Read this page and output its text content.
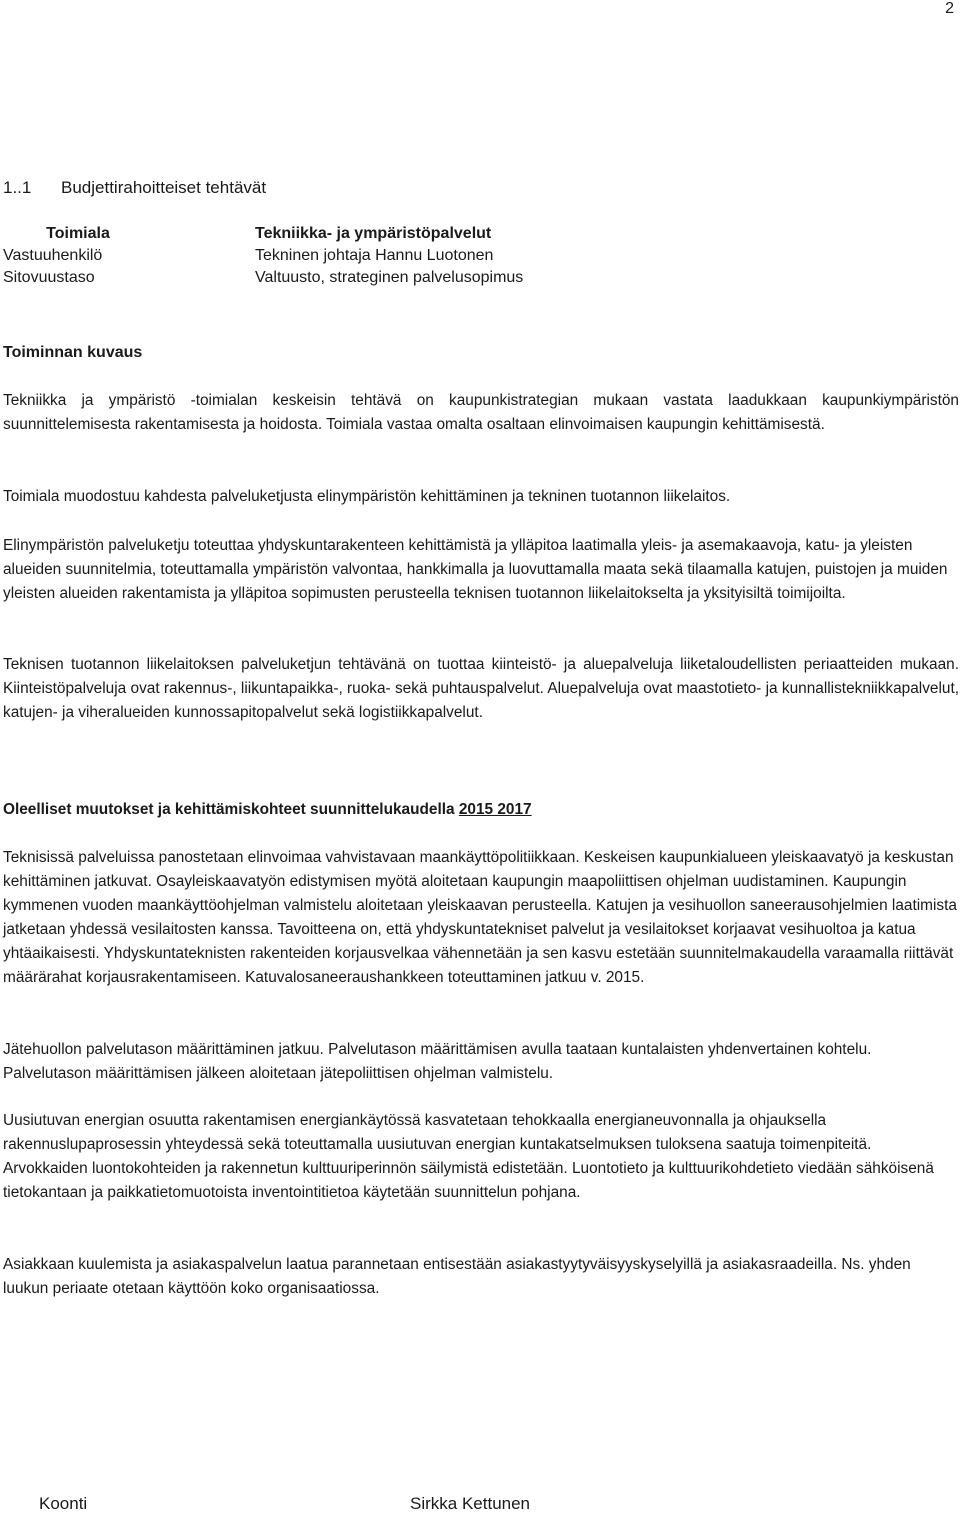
2
1..1 Budjettirahoitteiset tehtävät
Toimiala	Tekniikka- ja ympäristöpalvelut
Vastuuhenkilö	Tekninen johtaja Hannu Luotonen
Sitovuustaso	Valtuusto, strateginen palvelusopimus
Toiminnan kuvaus
Tekniikka ja ympäristö -toimialan keskeisin tehtävä on kaupunkistrategian mukaan vastata laadukkaan kaupunkiympäristön suunnittelemisesta rakentamisesta ja hoidosta. Toimiala vastaa omalta osaltaan elinvoimaisen kaupungin kehittämisestä.
Toimiala muodostuu kahdesta palveluketjusta elinympäristön kehittäminen ja tekninen tuotannon liikelaitos.
Elinympäristön palveluketju toteuttaa yhdyskuntarakenteen kehittämistä ja ylläpitoa laatimalla yleis- ja asemakaavoja, katu- ja yleisten alueiden suunnitelmia, toteuttamalla ympäristön valvontaa, hankkimalla ja luovuttamalla maata sekä tilaamalla katujen, puistojen ja muiden yleisten alueiden rakentamista ja ylläpitoa sopimusten perusteella teknisen tuotannon liikelaitokselta ja yksityisiltä toimijoilta.
Teknisen tuotannon liikelaitoksen palveluketjun tehtävänä on tuottaa kiinteistö- ja aluepalveluja liiketaloudellisten periaatteiden mukaan. Kiinteistöpalveluja ovat rakennus-, liikuntapaikka-, ruoka- sekä puhtauspalvelut. Aluepalveluja ovat maastotieto- ja kunnallistekniikkapalvelut, katujen- ja viheralueiden kunnossapitopalvelut sekä logistiikkapalvelut.
Oleelliset muutokset ja kehittämiskohteet suunnittelukaudella 2015 2017
Teknisissä palveluissa panostetaan elinvoimaa vahvistavaan maankäyttöpolitiikkaan. Keskeisen kaupunkialueen yleiskaavatyö ja keskustan kehittäminen jatkuvat. Osayleiskaavatyön edistymisen myötä aloitetaan kaupungin maapoliittisen ohjelman uudistaminen. Kaupungin kymmenen vuoden maankäyttöohjelman valmistelu aloitetaan yleiskaavan perusteella. Katujen ja vesihuollon saneerausohjelmien laatimista jatketaan yhdessä vesilaitosten kanssa. Tavoitteena on, että yhdyskuntatekniset palvelut ja vesilaitokset korjaavat vesihuoltoa ja katua yhtäaikaisesti. Yhdyskuntateknisten rakenteiden korjausvelkaa vähennetään ja sen kasvu estetään suunnitelmakaudella varaamalla riittävät määrärahat korjausrakentamiseen. Katuvalosaneeraushankkeen toteuttaminen jatkuu v. 2015.
Jätehuollon palvelutason määrittäminen jatkuu. Palvelutason määrittämisen avulla taataan kuntalaisten yhdenvertainen kohtelu. Palvelutason määrittämisen jälkeen aloitetaan jätepoliittisen ohjelman valmistelu.
Uusiutuvan energian osuutta rakentamisen energiankäytössä kasvatetaan tehokkaalla energianeuvonnalla ja ohjauksella rakennuslupaprosessin yhteydessä sekä toteuttamalla uusiutuvan energian kuntakatselmuksen tuloksena saatuja toimenpiteitä. Arvokkaiden luontokohteiden ja rakennetun kulttuuriperinnön säilymistä edistetään. Luontotieto ja kulttuurikohdetieto viedään sähköisenä tietokantaan ja paikkatietomuotoista inventointitietoa käytetään suunnittelun pohjana.
Asiakkaan kuulemista ja asiakaspalvelun laatua parannetaan entisestään asiakastyytyväisyyskyselyillä ja asiakasraadeilla. Ns. yhden luukun periaate otetaan käyttöön koko organisaatiossa.
Koonti	Sirkka Kettunen
